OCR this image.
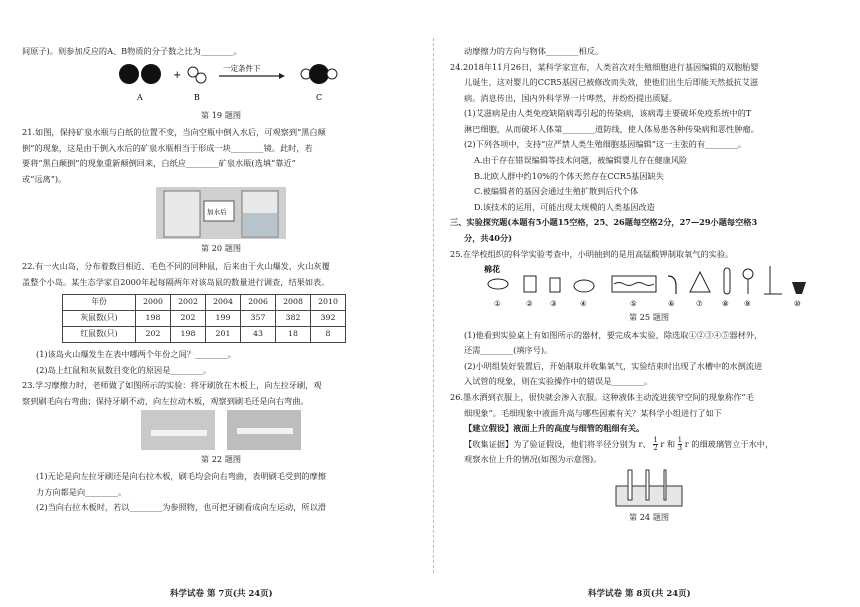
间原子)。则参加反应的A、B物质的分子数之比为________。

+
一定条件下
A	B	C

第 19 题图

21.如图，保持矿泉水瓶与白纸的位置不变，当向空瓶中倒入水后，可观察到“黑白颠

倒”的现象，这是由于倒入水后的矿泉水瓶相当于形成一块________镜。此时，若

要将“黑白颠倒”的现象重新颠倒回来，白纸应________矿泉水瓶(选填“靠近”

或“远离”)。

加水后

第 20 题图

22.有一火山岛，分布着数目相近、毛色不同的同种鼠，后来由于火山爆发，火山灰覆

盖整个小岛。某生态学家自2000年起每隔两年对该岛鼠的数量进行调查，结果如表。

年份	2000	2002	2004	2006	2008	2010
灰鼠数(只)	198	202	199	357	382	392
红鼠数(只)	202	198	201	43	18	8

(1)该岛火山爆发生在表中哪两个年份之间？________。

(2)岛上红鼠和灰鼠数目变化的原因是________。

23.学习摩擦力时，老师做了如图所示的实验：将牙刷放在木板上，向左拉牙刷，观

察到刷毛向右弯曲；保持牙刷不动，向左拉动木板，观察到刷毛还是向右弯曲。

第 22 题图

(1)无论是向左拉牙刷还是向右拉木板，刷毛均会向右弯曲，表明刷毛受到的摩擦

力方向都是向________。

(2)当向右拉木板时，若以________为参照物，也可把牙刷看成向左运动，所以滑

科学试卷 第 7页(共 24页)

动摩擦力的方向与物体________相反。

24.2018年11月26日，某科学家宣布，人类首次对生殖细胞进行基因编辑的双胞胎婴

儿诞生，这对婴儿的CCR5基因已被修改而失效，使他们出生后即能天然抵抗艾滋

病。消息传出，国内外科学界一片哗然，并纷纷提出质疑。

(1)艾滋病是由人类免疫缺陷病毒引起的传染病，该病毒主要破坏免疫系统中的T

淋巴细胞，从而破坏人体第________道防线，使人体易患各种传染病和恶性肿瘤。

(2)下列各项中，支持“应严禁人类生殖细胞基因编辑”这一主张的有________。

A.由于存在错误编辑等技术问题，被编辑婴儿存在健康风险

B.北欧人群中约10%的个体天然存在CCR5基因缺失

C.被编辑者的基因会通过生殖扩散到后代个体

D.该技术的运用，可能出现太规模的人类基因改造

三、实验探究题(本题有5小题15空格，25、26题每空格2分，27—29小题每空格3

分，共40分)

25.在学校组织的科学实验考查中，小明抽到的是用高锰酸钾制取氧气的实验。

棉花
①	② ③	④	⑤	⑥	⑦	⑧ ⑨	⑩

第 25 题图

(1)他看到实验桌上有如图所示的器材，要完成本实验，除选取①②③④⑤器材外，

还需________(填序号)。

(2)小明组装好装置后，开始制取并收集氧气，实验结束时出现了水槽中的水倒流进

入试管的现象，则在实验操作中的错误是________。

26.墨水洒到衣服上，很快就会渗入衣服。这种液体主动流进狭窄空间的现象称作“毛

细现象”。毛细现象中液面升高与哪些因素有关？某科学小组进行了如下

【建立假设】液面上升的高度与细管的粗细有关。

【收集证据】为了验证假设，他们将半径分别为 r、 $\frac{1}{2}$ r 和 $\frac{1}{3}$ r 的细玻璃管立于水中，

观察水位上升的情况(如图为示意图)。

第 24 题图

科学试卷 第 8页(共 24页)
